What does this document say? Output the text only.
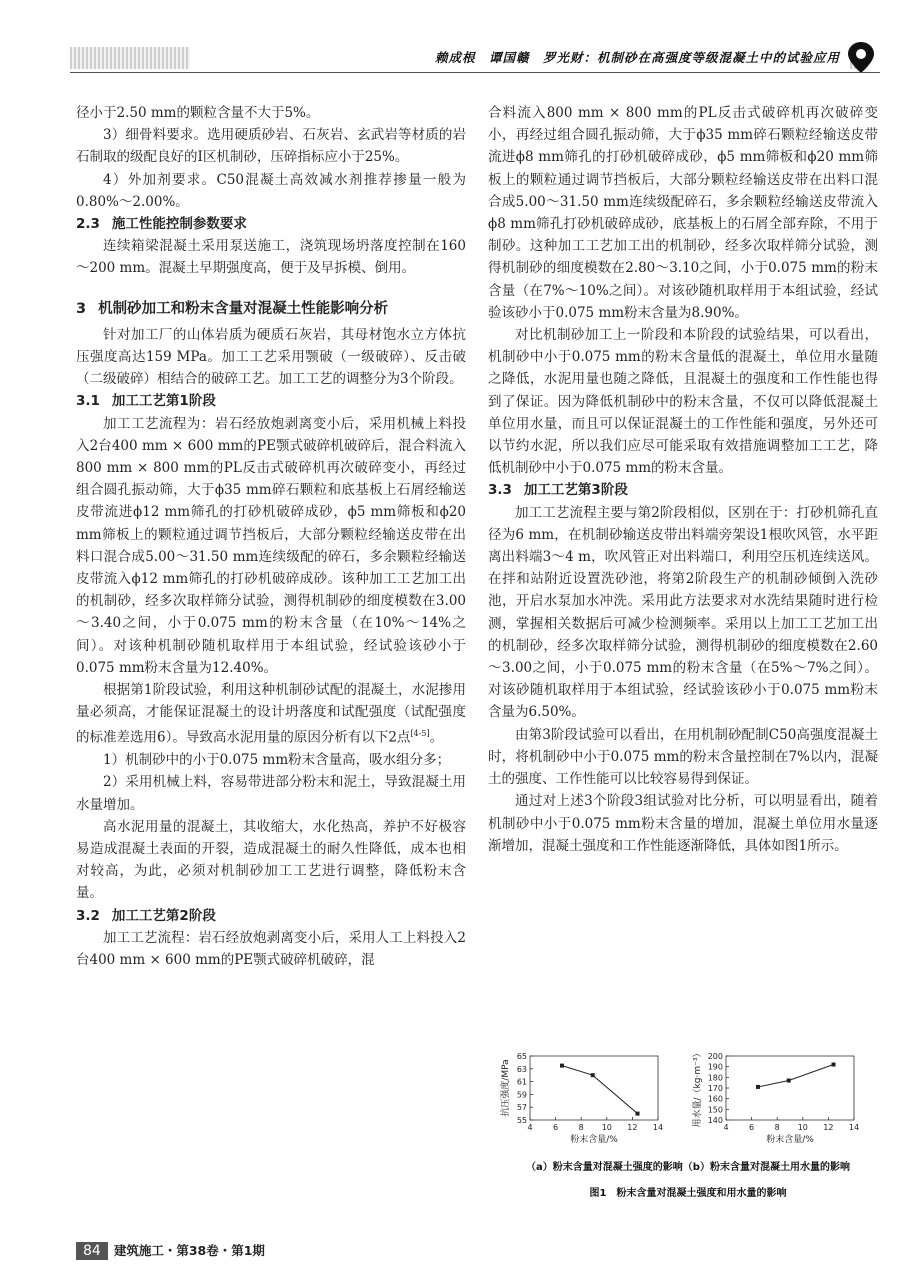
赖成根　谭国赣　罗光财：机制砂在高强度等级混凝土中的试验应用

径小于2.50 mm的颗粒含量不大于5%。

3）细骨料要求。选用硬质砂岩、石灰岩、玄武岩等材质的岩石制取的级配良好的Ⅰ区机制砂，压碎指标应小于25%。

4）外加剂要求。C50混凝土高效减水剂推荐掺量一般为0.80%～2.00%。

2.3 施工性能控制参数要求

连续箱梁混凝土采用泵送施工，浇筑现场坍落度控制在160～200 mm。混凝土早期强度高，便于及早拆模、倒用。

3 机制砂加工和粉末含量对混凝土性能影响分析

针对加工厂的山体岩质为硬质石灰岩，其母材饱水立方体抗压强度高达159 MPa。加工工艺采用颚破（一级破碎）、反击破（二级破碎）相结合的破碎工艺。加工工艺的调整分为3个阶段。

3.1 加工工艺第1阶段

加工工艺流程为：岩石经放炮剥离变小后，采用机械上料投入2台400 mm × 600 mm的PE颚式破碎机破碎后，混合料流入800 mm × 800 mm的PL反击式破碎机再次破碎变小，再经过组合圆孔振动筛，大于ϕ35 mm碎石颗粒和底基板上石屑经输送皮带流进ϕ12 mm筛孔的打砂机破碎成砂，ϕ5 mm筛板和ϕ20 mm筛板上的颗粒通过调节挡板后，大部分颗粒经输送皮带在出料口混合成5.00～31.50 mm连续级配的碎石，多余颗粒经输送皮带流入ϕ12 mm筛孔的打砂机破碎成砂。该种加工工艺加工出的机制砂，经多次取样筛分试验，测得机制砂的细度模数在3.00～3.40之间，小于0.075 mm的粉末含量（在10%～14%之间）。对该种机制砂随机取样用于本组试验，经试验该砂小于0.075 mm粉末含量为12.40%。

根据第1阶段试验，利用这种机制砂试配的混凝土，水泥掺用量必须高，才能保证混凝土的设计坍落度和试配强度（试配强度的标准差选用6）。导致高水泥用量的原因分析有以下2点[4-5]。

1）机制砂中的小于0.075 mm粉末含量高，吸水组分多；

2）采用机械上料，容易带进部分粉末和泥土，导致混凝土用水量增加。

高水泥用量的混凝土，其收缩大，水化热高，养护不好极容易造成混凝土表面的开裂，造成混凝土的耐久性降低，成本也相对较高，为此，必须对机制砂加工工艺进行调整，降低粉末含量。

3.2 加工工艺第2阶段

加工工艺流程：岩石经放炮剥离变小后，采用人工上料投入2台400 mm × 600 mm的PE颚式破碎机破碎，混

合料流入800 mm × 800 mm的PL反击式破碎机再次破碎变小，再经过组合圆孔振动筛，大于ϕ35 mm碎石颗粒经输送皮带流进ϕ8 mm筛孔的打砂机破碎成砂，ϕ5 mm筛板和ϕ20 mm筛板上的颗粒通过调节挡板后，大部分颗粒经输送皮带在出料口混合成5.00～31.50 mm连续级配碎石，多余颗粒经输送皮带流入ϕ8 mm筛孔打砂机破碎成砂，底基板上的石屑全部弃除，不用于制砂。这种加工工艺加工出的机制砂，经多次取样筛分试验，测得机制砂的细度模数在2.80～3.10之间，小于0.075 mm的粉末含量（在7%～10%之间）。对该砂随机取样用于本组试验，经试验该砂小于0.075 mm粉末含量为8.90%。

对比机制砂加工上一阶段和本阶段的试验结果，可以看出，机制砂中小于0.075 mm的粉末含量低的混凝土，单位用水量随之降低，水泥用量也随之降低，且混凝土的强度和工作性能也得到了保证。因为降低机制砂中的粉末含量，不仅可以降低混凝土单位用水量，而且可以保证混凝土的工作性能和强度，另外还可以节约水泥，所以我们应尽可能采取有效措施调整加工工艺，降低机制砂中小于0.075 mm的粉末含量。

3.3 加工工艺第3阶段

加工工艺流程主要与第2阶段相似，区别在于：打砂机筛孔直径为6 mm，在机制砂输送皮带出料端旁架设1根吹风管，水平距离出料端3～4 m，吹风管正对出料端口，利用空压机连续送风。在拌和站附近设置洗砂池，将第2阶段生产的机制砂倾倒入洗砂池，开启水泵加水冲洗。采用此方法要求对水洗结果随时进行检测，掌握相关数据后可减少检测频率。采用以上加工工艺加工出的机制砂，经多次取样筛分试验，测得机制砂的细度模数在2.60～3.00之间，小于0.075 mm的粉末含量（在5%～7%之间）。对该砂随机取样用于本组试验，经试验该砂小于0.075 mm粉末含量为6.50%。

由第3阶段试验可以看出，在用机制砂配制C50高强度混凝土时，将机制砂中小于0.075 mm的粉末含量控制在7%以内，混凝土的强度、工作性能可以比较容易得到保证。

通过对上述3个阶段3组试验对比分析，可以明显看出，随着机制砂中小于0.075 mm粉末含量的增加，混凝土单位用水量逐渐增加，混凝土强度和工作性能逐渐降低，具体如图1所示。

4	6	8 10 12 14
55
57
59
61
63
65
粉末含量/%
抗压强度/MPa
4	6	8 10 12 14
140
150
160
170
180
190
200
粉末含量/%
用水量/（kg·m⁻³）
（a）粉末含量对混凝土强度的影响（b）粉末含量对混凝土用水量的影响
图1　粉末含量对混凝土强度和用水量的影响
84 建筑施工・第38卷・第1期
